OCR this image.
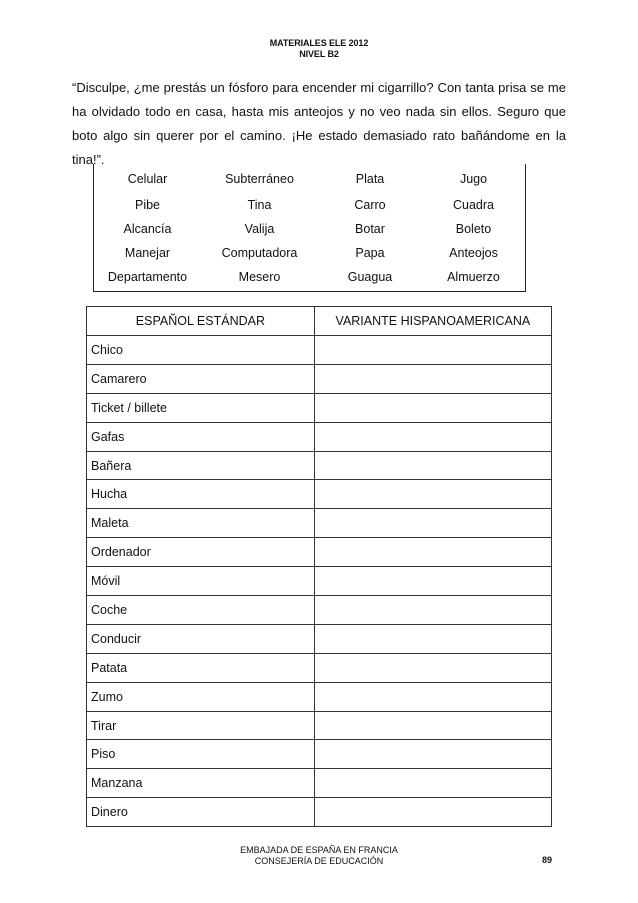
MATERIALES ELE 2012
NIVEL B2

“Disculpe, ¿me prestás un fósforo para encender mi cigarrillo? Con tanta prisa se me ha olvidado todo en casa, hasta mis anteojos y no veo nada sin ellos. Seguro que boto algo sin querer por el camino. ¡He estado demasiado rato bañándome en la tina!”.

Celular	Subterráneo	Plata	Jugo
Pibe	Tina	Carro	Cuadra
Alcancía	Valija	Botar	Boleto
Manejar	Computadora	Papa	Anteojos
Departamento	Mesero	Guagua	Almuerzo
ESPAÑOL ESTÁNDAR	VARIANTE HISPANOAMERICANA
Chico	
Camarero	
Ticket / billete	
Gafas	
Bañera	
Hucha	
Maleta	
Ordenador	
Móvil	
Coche	
Conducir	
Patata	
Zumo	
Tirar	
Piso	
Manzana	
Dinero	
EMBAJADA DE ESPAÑA EN FRANCIA
CONSEJERÍA DE EDUCACIÓN	89
